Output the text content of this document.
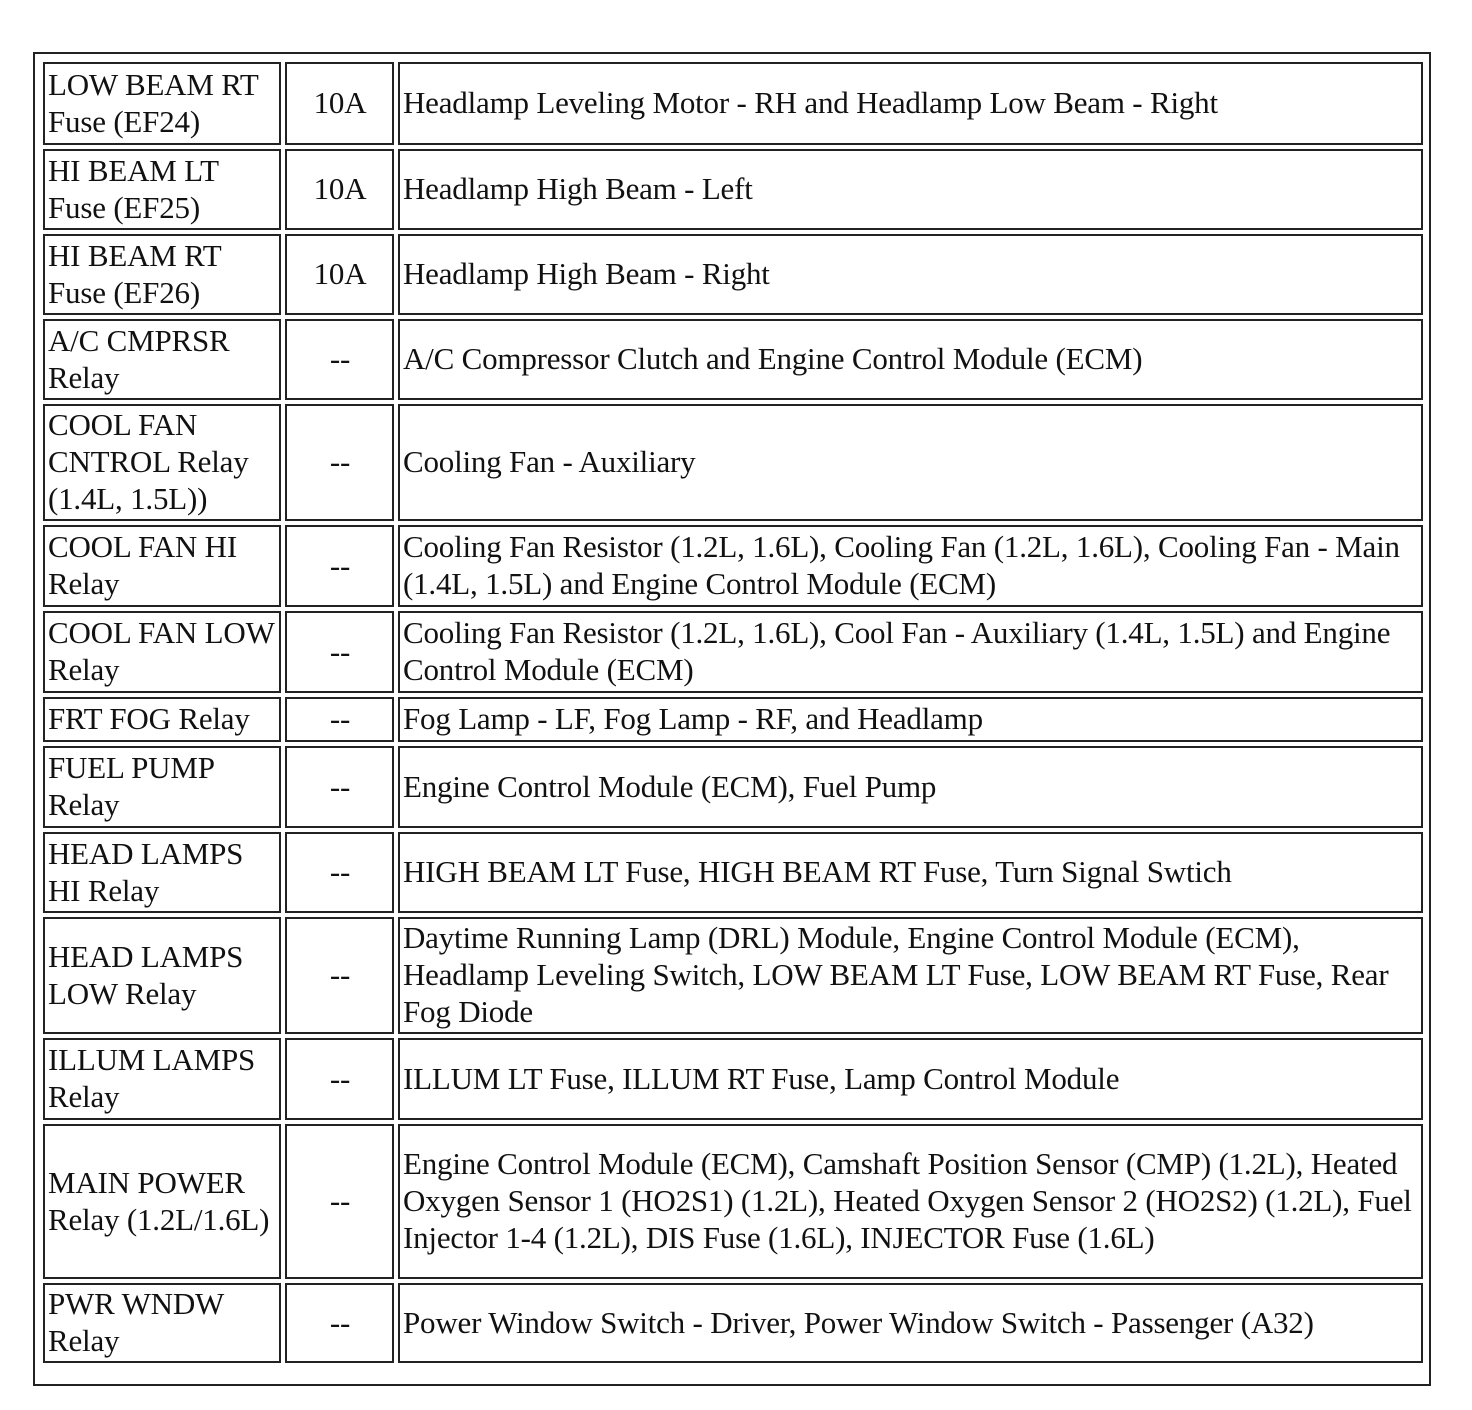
LOW BEAM RT Fuse (EF24)	10A	Headlamp Leveling Motor - RH and Headlamp Low Beam - Right
HI BEAM LT Fuse (EF25)	10A	Headlamp High Beam - Left
HI BEAM RT Fuse (EF26)	10A	Headlamp High Beam - Right
A/C CMPRSR Relay	--	A/C Compressor Clutch and Engine Control Module (ECM)
COOL FAN CNTROL Relay (1.4L, 1.5L))	--	Cooling Fan - Auxiliary
COOL FAN HI Relay	--	Cooling Fan Resistor (1.2L, 1.6L), Cooling Fan (1.2L, 1.6L), Cooling Fan - Main (1.4L, 1.5L) and Engine Control Module (ECM)
COOL FAN LOW Relay	--	Cooling Fan Resistor (1.2L, 1.6L), Cool Fan - Auxiliary (1.4L, 1.5L) and Engine Control Module (ECM)
FRT FOG Relay	--	Fog Lamp - LF, Fog Lamp - RF, and Headlamp
FUEL PUMP Relay	--	Engine Control Module (ECM), Fuel Pump
HEAD LAMPS HI Relay	--	HIGH BEAM LT Fuse, HIGH BEAM RT Fuse, Turn Signal Swtich
HEAD LAMPS LOW Relay	--	Daytime Running Lamp (DRL) Module, Engine Control Module (ECM), Headlamp Leveling Switch, LOW BEAM LT Fuse, LOW BEAM RT Fuse, Rear Fog Diode
ILLUM LAMPS Relay	--	ILLUM LT Fuse, ILLUM RT Fuse, Lamp Control Module
MAIN POWER Relay (1.2L/1.6L)	--	Engine Control Module (ECM), Camshaft Position Sensor (CMP) (1.2L), Heated Oxygen Sensor 1 (HO2S1) (1.2L), Heated Oxygen Sensor 2 (HO2S2) (1.2L), Fuel Injector 1-4 (1.2L), DIS Fuse (1.6L), INJECTOR Fuse (1.6L)
PWR WNDW Relay	--	Power Window Switch - Driver, Power Window Switch - Passenger (A32)
